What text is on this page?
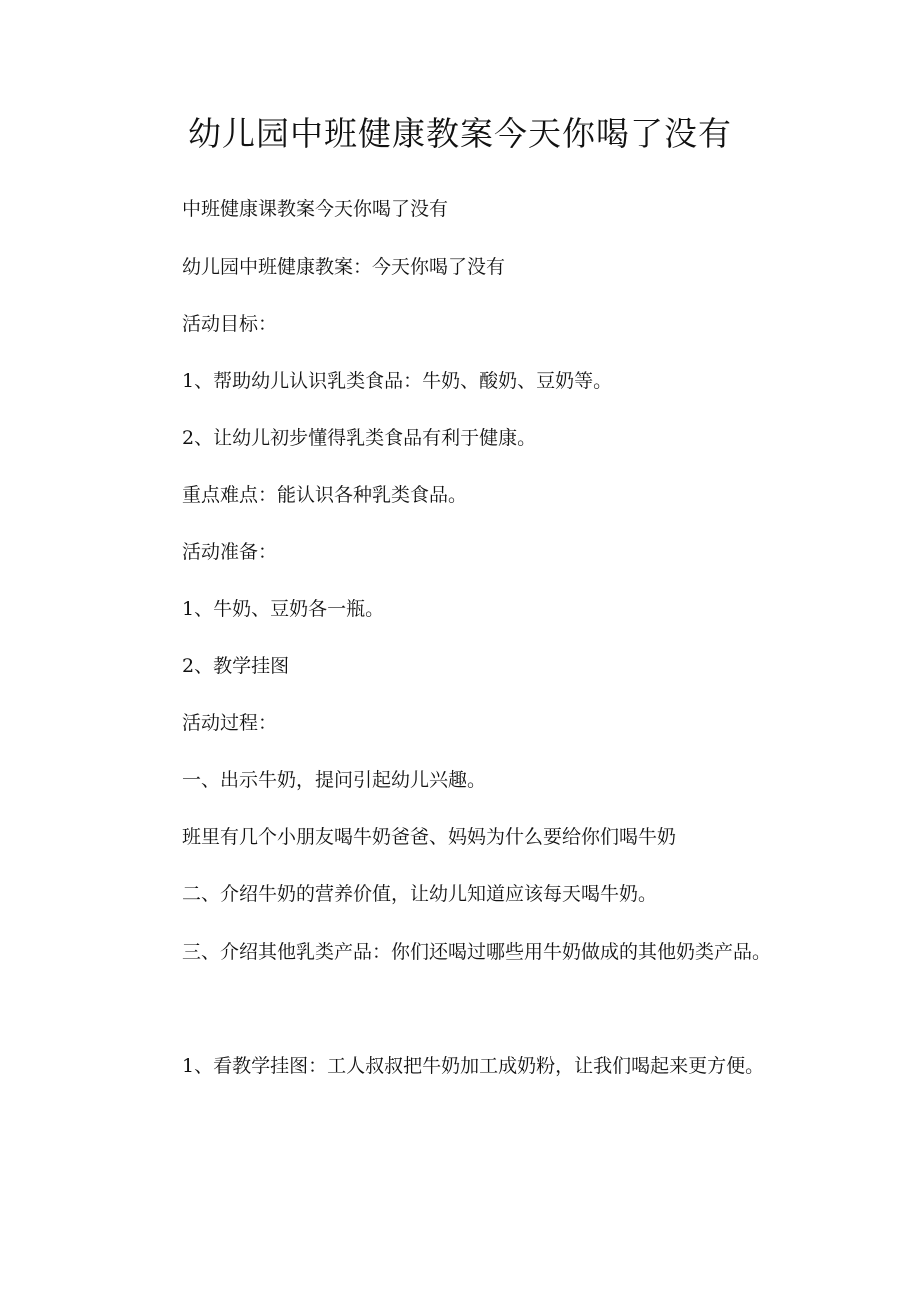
幼儿园中班健康教案今天你喝了没有

中班健康课教案今天你喝了没有

幼儿园中班健康教案：今天你喝了没有

活动目标：

1、帮助幼儿认识乳类食品：牛奶、酸奶、豆奶等。

2、让幼儿初步懂得乳类食品有利于健康。

重点难点：能认识各种乳类食品。

活动准备：

1、牛奶、豆奶各一瓶。

2、教学挂图

活动过程：

一、出示牛奶，提问引起幼儿兴趣。

班里有几个小朋友喝牛奶爸爸、妈妈为什么要给你们喝牛奶

二、介绍牛奶的营养价值，让幼儿知道应该每天喝牛奶。

三、介绍其他乳类产品：你们还喝过哪些用牛奶做成的其他奶类产品。

1、看教学挂图：工人叔叔把牛奶加工成奶粉，让我们喝起来更方便。
